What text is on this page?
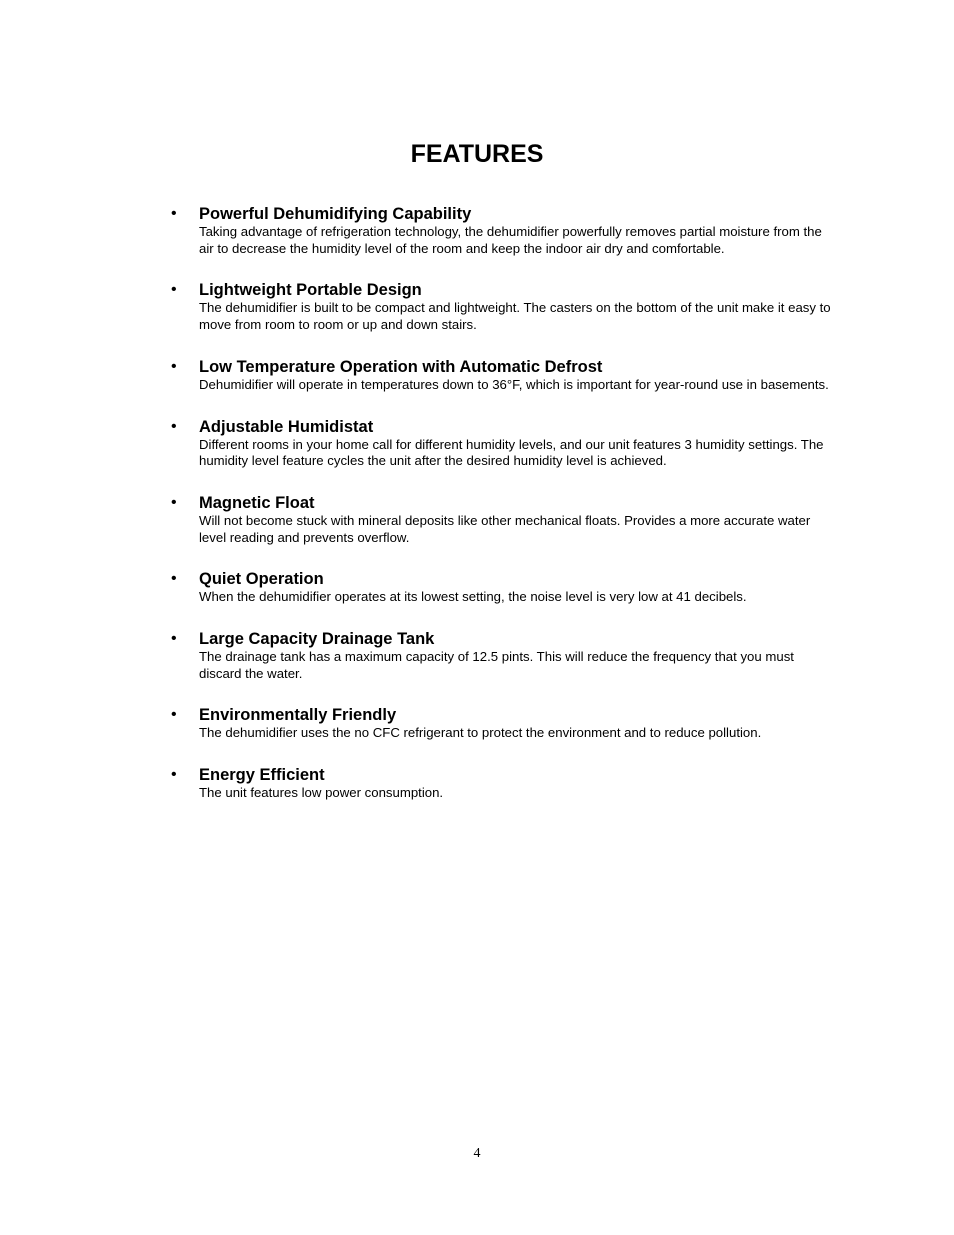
FEATURES
• Powerful Dehumidifying Capability

Taking advantage of refrigeration technology, the dehumidifier powerfully removes partial moisture from the air to decrease the humidity level of the room and keep the indoor air dry and comfortable.

• Lightweight Portable Design

The dehumidifier is built to be compact and lightweight. The casters on the bottom of the unit make it easy to move from room to room or up and down stairs.

• Low Temperature Operation with Automatic Defrost

Dehumidifier will operate in temperatures down to 36°F, which is important for year-round use in basements.

• Adjustable Humidistat

Different rooms in your home call for different humidity levels, and our unit features 3 humidity settings. The humidity level feature cycles the unit after the desired humidity level is achieved.

• Magnetic Float

Will not become stuck with mineral deposits like other mechanical floats. Provides a more accurate water level reading and prevents overflow.

• Quiet Operation

When the dehumidifier operates at its lowest setting, the noise level is very low at 41 decibels.

• Large Capacity Drainage Tank

The drainage tank has a maximum capacity of 12.5 pints. This will reduce the frequency that you must discard the water.

• Environmentally Friendly

The dehumidifier uses the no CFC refrigerant to protect the environment and to reduce pollution.

• Energy Efficient

The unit features low power consumption.

4
